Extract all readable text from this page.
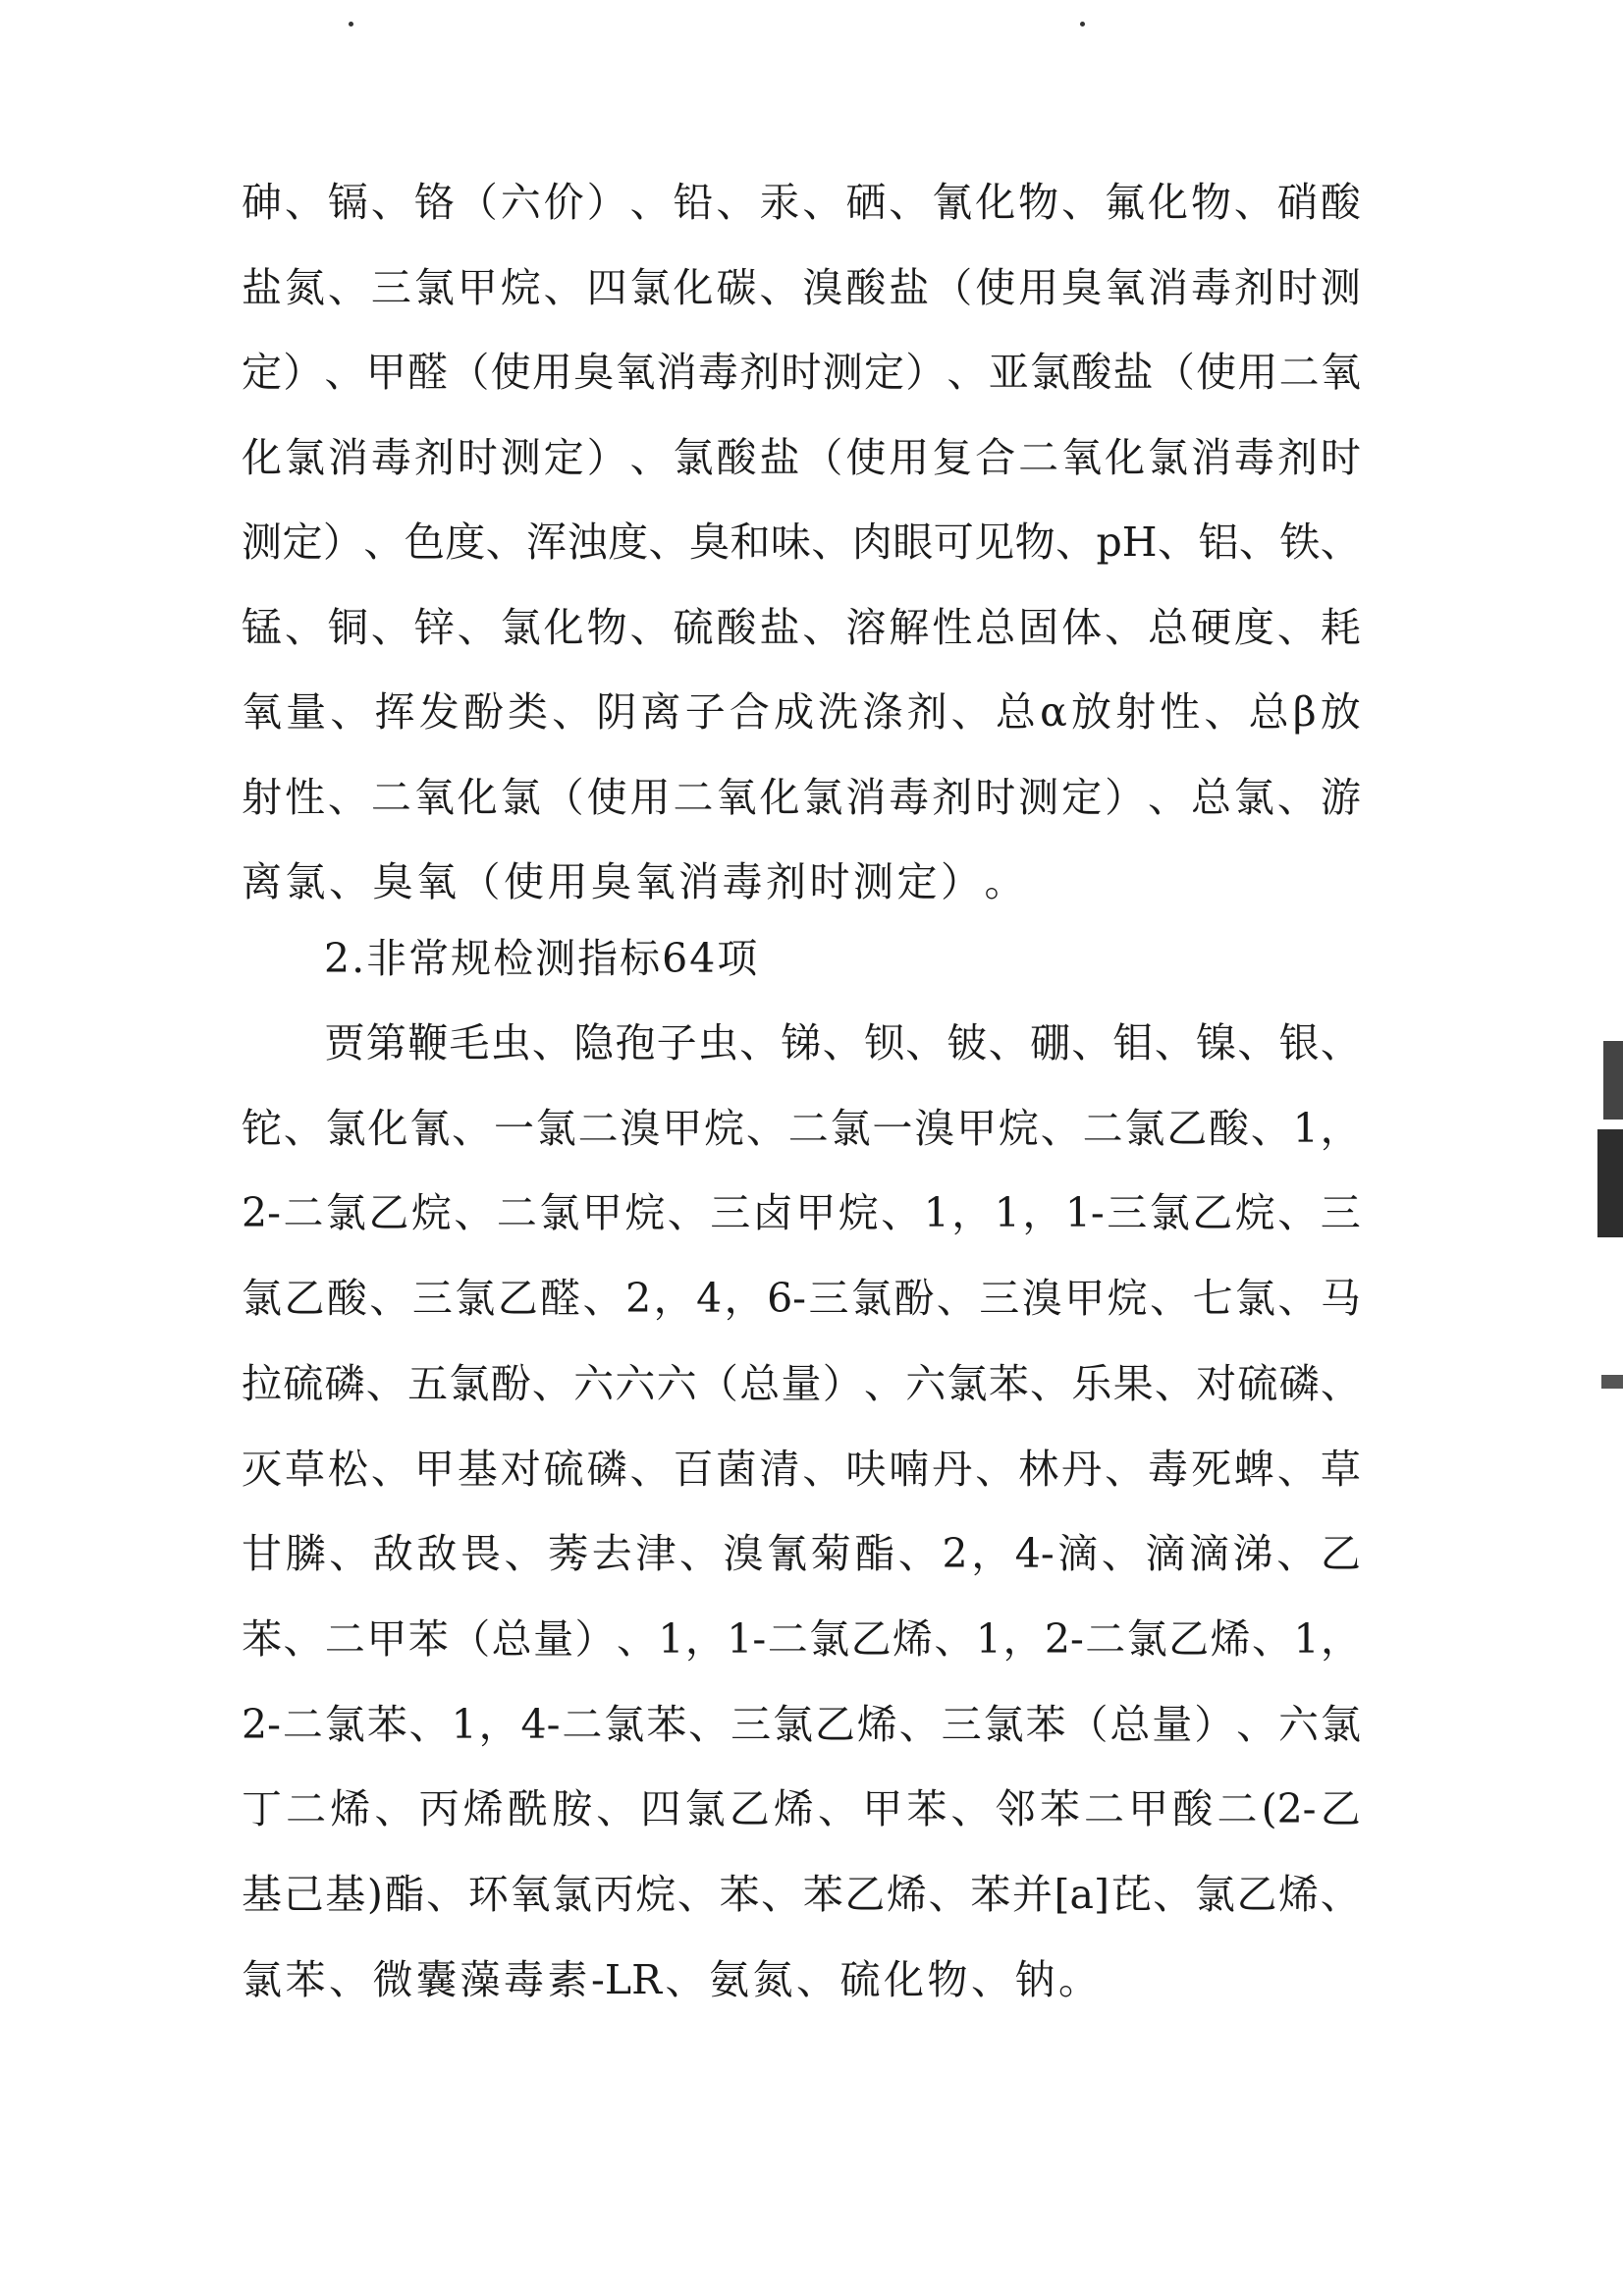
砷 、 镉 、 铬 （ 六 价 ） 、 铅 、 汞 、 硒 、 氰 化 物 、 氟 化 物 、 硝 酸
盐 氮 、 三 氯 甲 烷 、 四 氯 化 碳 、 溴 酸 盐 （ 使 用 臭 氧 消 毒 剂 时 测
定 ） 、 甲 醛 （ 使 用 臭 氧 消 毒 剂 时 测 定 ） 、 亚 氯 酸 盐 （ 使 用 二 氧
化 氯 消 毒 剂 时 测 定 ） 、 氯 酸 盐 （ 使 用 复 合 二 氧 化 氯 消 毒 剂 时
测 定 ） 、 色 度 、 浑 浊 度 、 臭 和 味 、 肉 眼 可 见 物 、 pH 、 铝 、 铁 、
锰 、 铜 、 锌 、 氯 化 物 、 硫 酸 盐 、 溶 解 性 总 固 体 、 总 硬 度 、 耗
氧 量 、 挥 发 酚 类 、 阴 离 子 合 成 洗 涤 剂 、 总 α 放 射 性 、 总 β 放
射 性 、 二 氧 化 氯 （ 使 用 二 氧 化 氯 消 毒 剂 时 测 定 ） 、 总 氯 、 游
离 氯 、 臭 氧 （ 使 用 臭 氧 消 毒 剂 时 测 定 ） 。
2.非常规检测指标64项

贾 第 鞭 毛 虫 、 隐 孢 子 虫 、 锑 、 钡 、 铍 、 硼 、 钼 、 镍 、 银 、
铊 、 氯 化 氰 、 一 氯 二 溴 甲 烷 、 二 氯 一 溴 甲 烷 、 二 氯 乙 酸 、 1 ，
2- 二 氯 乙 烷 、 二 氯 甲 烷 、 三 卤 甲 烷 、 1 ， 1 ， 1- 三 氯 乙 烷 、 三
氯 乙 酸 、 三 氯 乙 醛 、 2 ， 4 ， 6- 三 氯 酚 、 三 溴 甲 烷 、 七 氯 、 马
拉 硫 磷 、 五 氯 酚 、 六 六 六 （ 总 量 ） 、 六 氯 苯 、 乐 果 、 对 硫 磷 、
灭 草 松 、 甲 基 对 硫 磷 、 百 菌 清 、 呋 喃 丹 、 林 丹 、 毒 死 蜱 、 草
甘 膦 、 敌 敌 畏 、 莠 去 津 、 溴 氰 菊 酯 、 2 ， 4- 滴 、 滴 滴 涕 、 乙
苯 、 二 甲 苯 （ 总 量 ） 、 1 ， 1- 二 氯 乙 烯 、 1 ， 2- 二 氯 乙 烯 、 1 ，
2- 二 氯 苯 、 1 ， 4- 二 氯 苯 、 三 氯 乙 烯 、 三 氯 苯 （ 总 量 ） 、 六 氯
丁 二 烯 、 丙 烯 酰 胺 、 四 氯 乙 烯 、 甲 苯 、 邻 苯 二 甲 酸 二 (2- 乙
基 己 基 ) 酯 、 环 氧 氯 丙 烷 、 苯 、 苯 乙 烯 、 苯 并 [a] 芘 、 氯 乙 烯 、
氯 苯 、 微 囊 藻 毒 素 -LR 、 氨 氮 、 硫 化 物 、 钠 。
